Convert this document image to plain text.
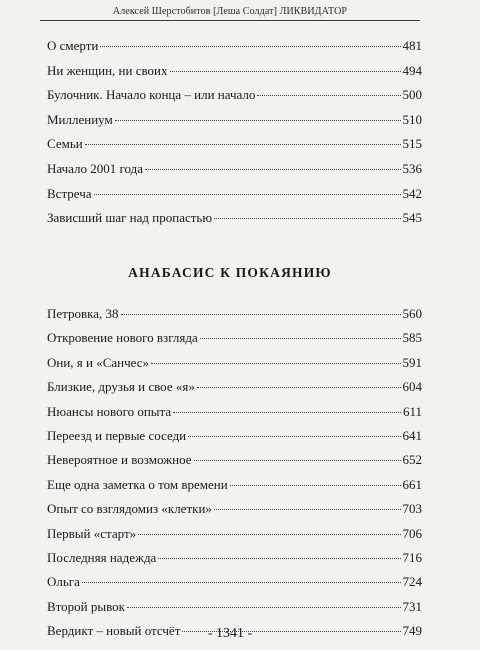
Алексей Шерстобитов [Леша Солдат] ЛИКВИДАТОР
О смерти	481
Ни женщин, ни своих	494
Булочник. Начало конца – или начало	500
Миллениум	510
Семьи	515
Начало 2001 года	536
Встреча	542
Зависший шаг над пропастью	545
АНАБАСИС К ПОКАЯНИЮ
Петровка, 38	560
Откровение нового взгляда	585
Они, я и «Санчес»	591
Близкие, друзья и свое «я»	604
Нюансы нового опыта	611
Переезд и первые соседи	641
Невероятное и возможное	652
Еще одна заметка о том времени	661
Опыт со взглядомиз «клетки»	703
Первый «старт»	706
Последняя надежда	716
Ольга	724
Второй рывок	731
Вердикт – новый отсчёт	749
- 1341 -
